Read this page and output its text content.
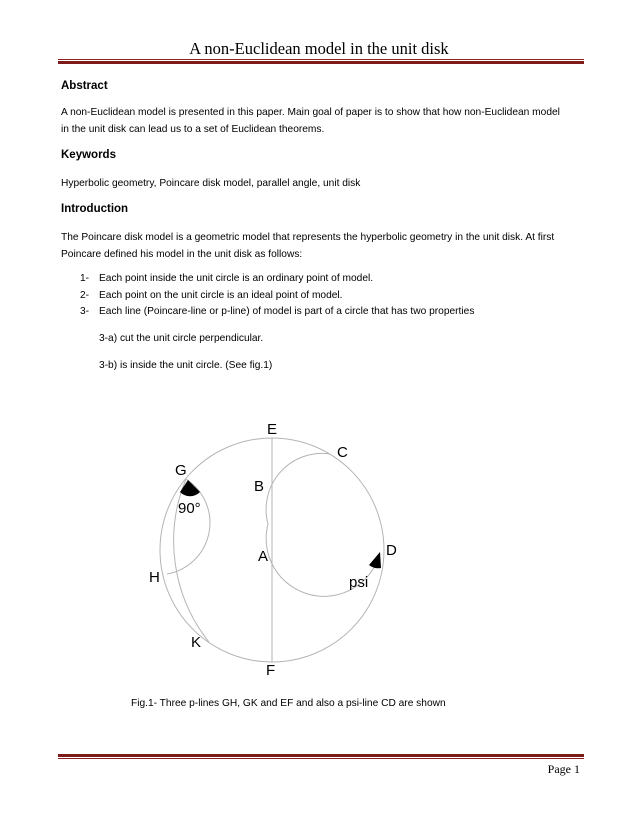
A non-Euclidean model in the unit disk
Abstract
A non-Euclidean model is presented in this paper. Main goal of paper is to show that how non-Euclidean model
in the unit disk can lead us to a set of Euclidean theorems.
Keywords
Hyperbolic geometry, Poincare disk model, parallel angle, unit disk
Introduction
The Poincare disk model is a geometric model that represents the hyperbolic geometry in the unit disk. At first
Poincare defined his model in the unit disk as follows:
1- Each point inside the unit circle is an ordinary point of model.
2- Each point on the unit circle is an ideal point of model.
3- Each line (Poincare-line or p-line) of model is part of a circle that has two properties
3-a) cut the unit circle perpendicular.
3-b) is inside the unit circle. (See fig.1)
E
C
G
B
90°
D
A
H	psi
K
F
Fig.1- Three p-lines GH, GK and EF and also a psi-line CD are shown
Page 1
